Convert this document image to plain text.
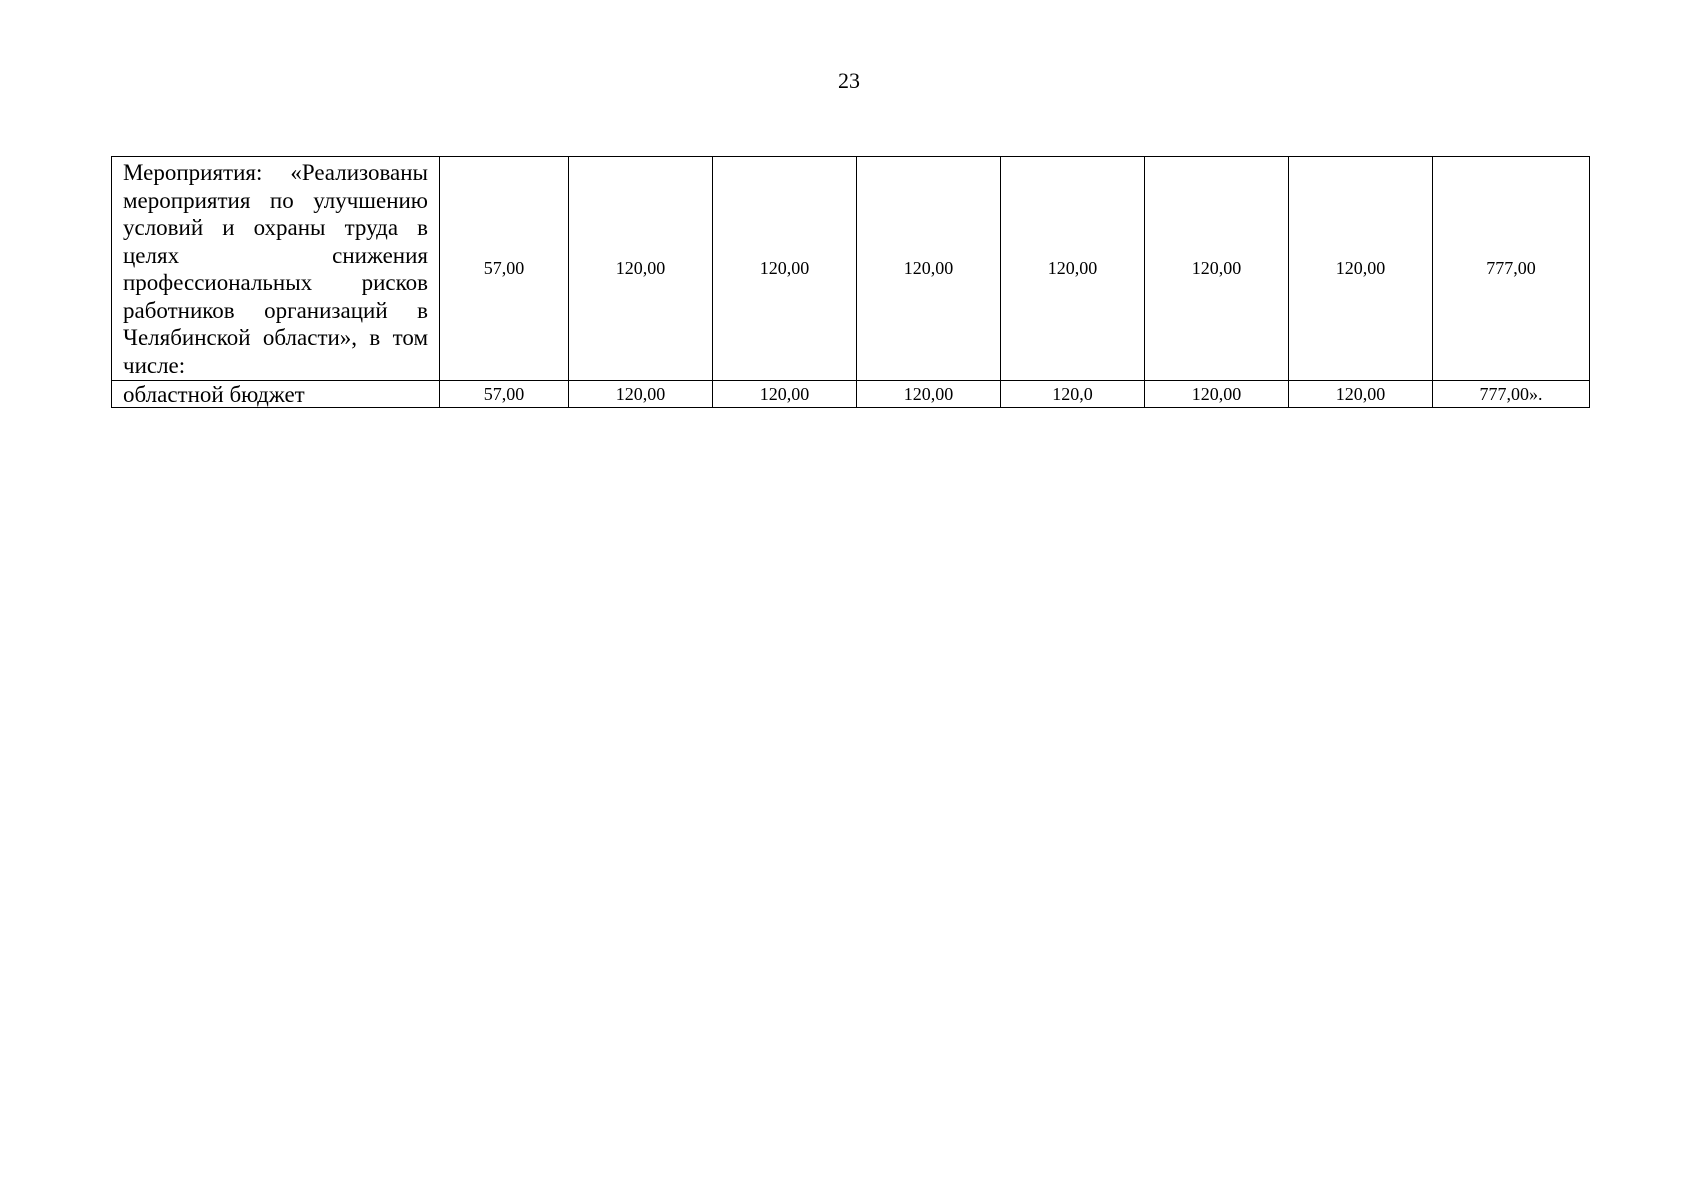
23
Мероприятия: «Реализованы мероприятия по улучшению условий и охраны труда в целях снижения профессиональных рисков работников организаций в Челябинской области», в том числе:	57,00	120,00	120,00	120,00	120,00	120,00	120,00	777,00
областной бюджет	57,00	120,00	120,00	120,00	120,0	120,00	120,00	777,00».
